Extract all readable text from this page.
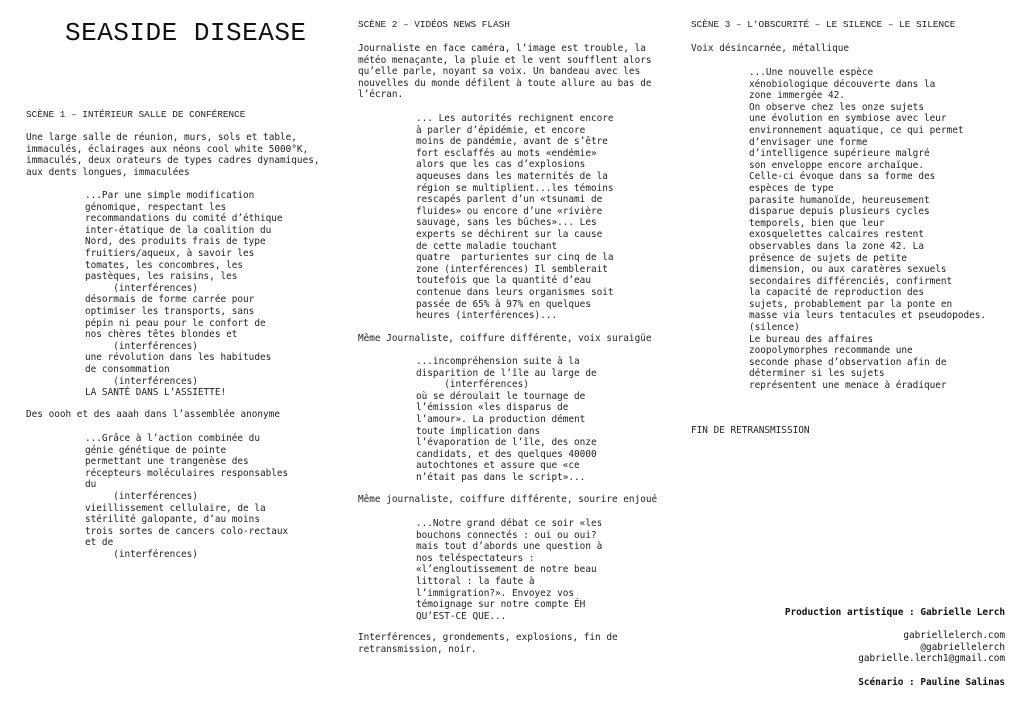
SEASIDE DISEASE
SCÈNE 1 – INTÉRIEUR SALLE DE CONFÉRENCE
Une large salle de réunion, murs, sols et table,
immaculés, éclairages aux néons cool white 5000°K,
immaculés, deux orateurs de types cadres dynamiques,
aux dents longues, immaculées
...Par une simple modification
génomique, respectant les
recommandations du comité d’éthique
inter-étatique de la coalition du
Nord, des produits frais de type
fruitiers/aqueux, à savoir les
tomates, les concombres, les
pastèques, les raisins, les
(interférences)
désormais de forme carrée pour
optimiser les transports, sans
pépin ni peau pour le confort de
nos chères têtes blondes et
(interférences)
une révolution dans les habitudes
de consommation
(interférences)
LA SANTÉ DANS L’ASSIETTE!
Des oooh et des aaah dans l’assemblée anonyme
...Grâce à l’action combinée du
génie génétique de pointe
permettant une trangenèse des
récepteurs moléculaires responsables
du
(interférences)
vieillissement cellulaire, de la
stérilité galopante, d’au moins
trois sortes de cancers colo-rectaux
et de
(interférences)
SCÈNE 2 – VIDÉOS NEWS FLASH
Journaliste en face caméra, l’image est trouble, la
météo menaçante, la pluie et le vent soufflent alors
qu’elle parle, noyant sa voix. Un bandeau avec les
nouvelles du monde défilent à toute allure au bas de
l’écran.
... Les autorités rechignent encore
à parler d’épidémie, et encore
moins de pandémie, avant de s’être
fort esclaffés au mots «endémie»
alors que les cas d’explosions
aqueuses dans les maternités de la
région se multiplient...les témoins
rescapés parlent d’un «tsunami de
fluides» ou encore d’une «rivière
sauvage, sans les bûches»... Les
experts se déchirent sur la cause
de cette maladie touchant
quatre  parturientes sur cinq de la
zone (interférences) Il semblerait
toutefois que la quantité d’eau
contenue dans leurs organismes soit
passée de 65% à 97% en quelques
heures (interférences)...
Même Journaliste, coiffure différente, voix suraigüe
...incompréhension suite à la
disparition de l’île au large de
(interférences)
où se déroulait le tournage de
l’émission «les disparus de
l’amour». La production dément
toute implication dans
l’évaporation de l’île, des onze
candidats, et des quelques 40000
autochtones et assure que «ce
n’était pas dans le script»...
Même journaliste, coiffure différente, sourire enjoué
...Notre grand débat ce soir «les
bouchons connectés : oui ou oui?
mais tout d’abords une question à
nos teléspectateurs :
«l’engloutissement de notre beau
littoral : la faute à
l’immigration?». Envoyez vos
témoignage sur notre compte ÉH
QU’EST-CE QUE...
Interférences, grondements, explosions, fin de
retransmission, noir.
SCÈNE 3 – L’OBSCURITÉ – LE SILENCE – LE SILENCE
Voix désincarnée, métallique
...Une nouvelle espèce
xénobiologique découverte dans la
zone immergée 42.
On observe chez les onze sujets
une évolution en symbiose avec leur
environnement aquatique, ce qui permet
d’envisager une forme
d’intelligence supérieure malgré
son enveloppe encore archaïque.
Celle-ci évoque dans sa forme des
espèces de type
parasite humanoïde, heureusement
disparue depuis plusieurs cycles
temporels, bien que leur
exosquelettes calcaires restent
observables dans la zone 42. La
présence de sujets de petite
dimension, ou aux caratères sexuels
secondaires différenciés, confirment
la capacité de reproduction des
sujets, probablement par la ponte en
masse via leurs tentacules et pseudopodes.
(silence)
Le bureau des affaires
zoopolymorphes recommande une
seconde phase d’observation afin de
déterminer si les sujets
représentent une menace à éradiquer
FIN DE RETRANSMISSION
Production artistique : Gabrielle Lerch
gabriellelerch.com
@gabriellelerch
gabrielle.lerch1@gmail.com
Scénario : Pauline Salinas
